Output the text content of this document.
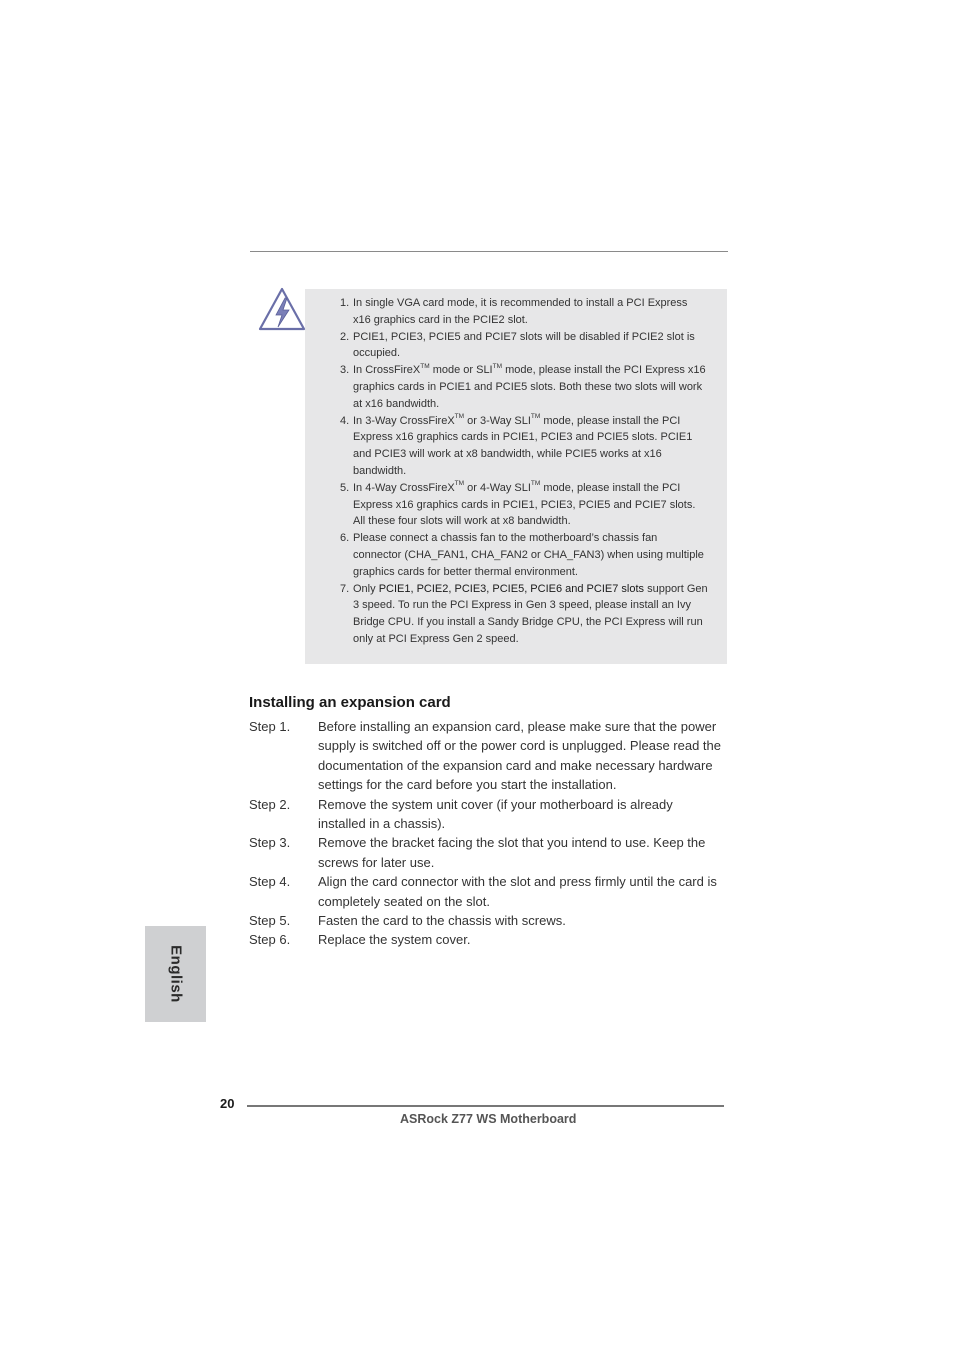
1. In single VGA card mode, it is recommended to install a PCI Express x16 graphics card in the PCIE2 slot.
2. PCIE1, PCIE3, PCIE5 and PCIE7 slots will be disabled if PCIE2 slot is occupied.
3. In CrossFireX™ mode or SLI™ mode, please install the PCI Express x16 graphics cards in PCIE1 and PCIE5 slots. Both these two slots will work at x16 bandwidth.
4. In 3-Way CrossFireX™ or 3-Way SLI™ mode, please install the PCI Express x16 graphics cards in PCIE1, PCIE3 and PCIE5 slots. PCIE1 and PCIE3 will work at x8 bandwidth, while PCIE5 works at x16 bandwidth.
5. In 4-Way CrossFireX™ or 4-Way SLI™ mode, please install the PCI Express x16 graphics cards in PCIE1, PCIE3, PCIE5 and PCIE7 slots. All these four slots will work at x8 bandwidth.
6. Please connect a chassis fan to the motherboard’s chassis fan connector (CHA_FAN1, CHA_FAN2 or CHA_FAN3) when using multiple graphics cards for better thermal environment.
7. Only PCIE1, PCIE2, PCIE3, PCIE5, PCIE6 and PCIE7 slots support Gen 3 speed. To run the PCI Express in Gen 3 speed, please install an Ivy Bridge CPU. If you install a Sandy Bridge CPU, the PCI Express will run only at PCI Express Gen 2 speed.
Installing an expansion card
Step 1. Before installing an expansion card, please make sure that the power supply is switched off or the power cord is unplugged. Please read the documentation of the expansion card and make necessary hardware settings for the card before you start the installation.
Step 2. Remove the system unit cover (if your motherboard is already installed in a chassis).
Step 3. Remove the bracket facing the slot that you intend to use. Keep the screws for later use.
Step 4. Align the card connector with the slot and press firmly until the card is completely seated on the slot.
Step 5. Fasten the card to the chassis with screws.
Step 6. Replace the system cover.
English
20
ASRock Z77 WS Motherboard
